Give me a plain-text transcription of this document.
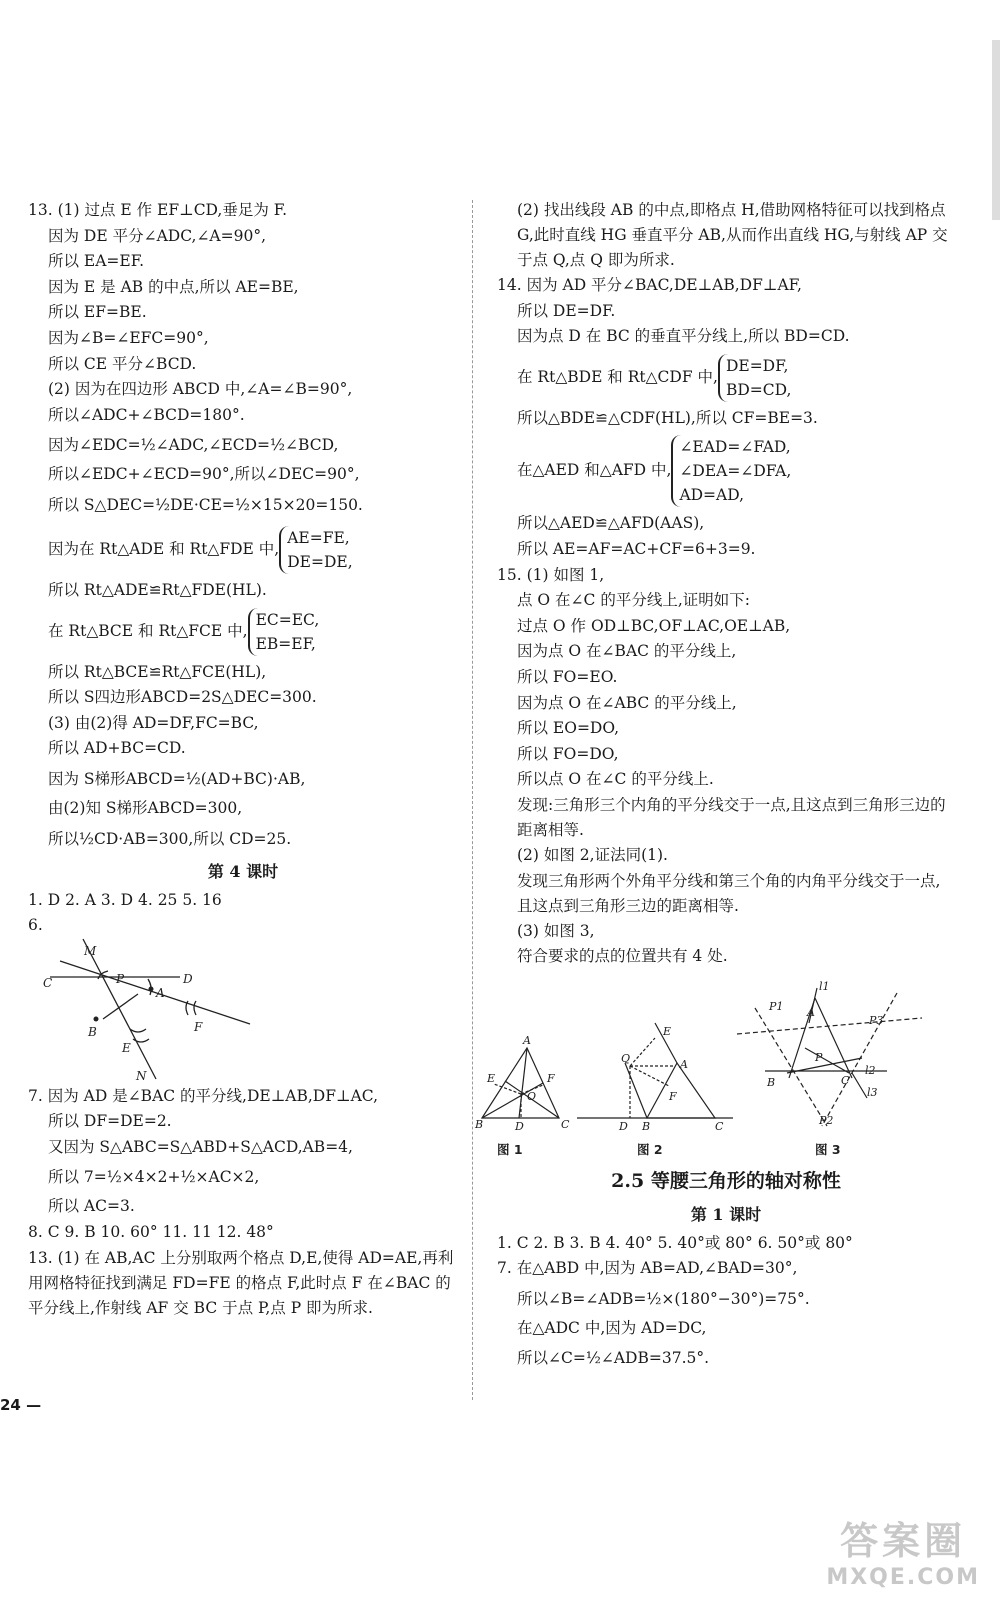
13. (1) 过点 E 作 EF⊥CD,垂足为 F.
因为 DE 平分∠ADC,∠A=90°,
所以 EA=EF.
因为 E 是 AB 的中点,所以 AE=BE,
所以 EF=BE.
因为∠B=∠EFC=90°,
所以 CE 平分∠BCD.
(2) 因为在四边形 ABCD 中,∠A=∠B=90°,
所以∠ADC+∠BCD=180°.
因为∠EDC=½∠ADC,∠ECD=½∠BCD,
所以∠EDC+∠ECD=90°,所以∠DEC=90°,
所以 S△DEC=½DE·CE=½×15×20=150.
因为在 Rt△ADE 和 Rt△FDE 中,AE=FE,
DE=DE,
所以 Rt△ADE≌Rt△FDE(HL).
在 Rt△BCE 和 Rt△FCE 中,EC=EC,
EB=EF,
所以 Rt△BCE≌Rt△FCE(HL),
所以 S四边形ABCD=2S△DEC=300.
(3) 由(2)得 AD=DF,FC=BC,
所以 AD+BC=CD.
因为 S梯形ABCD=½(AD+BC)·AB,
由(2)知 S梯形ABCD=300,
所以½CD·AB=300,所以 CD=25.
第 4 课时
1. D 2. A 3. D 4. 25 5. 16
6.
M
C	P	D
A
B
E
F
N
7. 因为 AD 是∠BAC 的平分线,DE⊥AB,DF⊥AC,
所以 DF=DE=2.
又因为 S△ABC=S△ABD+S△ACD,AB=4,
所以 7=½×4×2+½×AC×2,
所以 AC=3.
8. C 9. B 10. 60° 11. 11 12. 48°
13. (1) 在 AB,AC 上分别取两个格点 D,E,使得 AD=AE,再利用网格特征找到满足 FD=FE 的格点 F,此时点 F 在∠BAC 的平分线上,作射线 AF 交 BC 于点 P,点 P 即为所求.
(2) 找出线段 AB 的中点,即格点 H,借助网格特征可以找到格点 G,此时直线 HG 垂直平分 AB,从而作出直线 HG,与射线 AP 交于点 Q,点 Q 即为所求.
14. 因为 AD 平分∠BAC,DE⊥AB,DF⊥AF,
所以 DE=DF.
因为点 D 在 BC 的垂直平分线上,所以 BD=CD.
在 Rt△BDE 和 Rt△CDF 中,DE=DF,
BD=CD,
所以△BDE≌△CDF(HL),所以 CF=BE=3.
在△AED 和△AFD 中,∠EAD=∠FAD,
∠DEA=∠DFA,
AD=AD,
所以△AED≌△AFD(AAS),
所以 AE=AF=AC+CF=6+3=9.
15. (1) 如图 1,
点 O 在∠C 的平分线上,证明如下:
过点 O 作 OD⊥BC,OF⊥AC,OE⊥AB,
因为点 O 在∠BAC 的平分线上,
所以 FO=EO.
因为点 O 在∠ABC 的平分线上,
所以 EO=DO,
所以 FO=DO,
所以点 O 在∠C 的平分线上.
发现:三角形三个内角的平分线交于一点,且这点到三角形三边的距离相等.
(2) 如图 2,证法同(1).
发现三角形两个外角平分线和第三个角的内角平分线交于一点,且这点到三角形三边的距离相等.
(3) 如图 3,
符合要求的点的位置共有 4 处.
A
E	F
O
B	D	C
E
Q	A
F
D B	C
l1
P1 A
P3
P
l2
B	C
l3
P2
图 1	图 2	图 3
2.5 等腰三角形的轴对称性
第 1 课时
1. C 2. B 3. B 4. 40° 5. 40°或 80° 6. 50°或 80°
7. 在△ABD 中,因为 AB=AD,∠BAD=30°,
所以∠B=∠ADB=½×(180°−30°)=75°.
在△ADC 中,因为 AD=DC,
所以∠C=½∠ADB=37.5°.
24 —
答案圈
MXQE.COM
